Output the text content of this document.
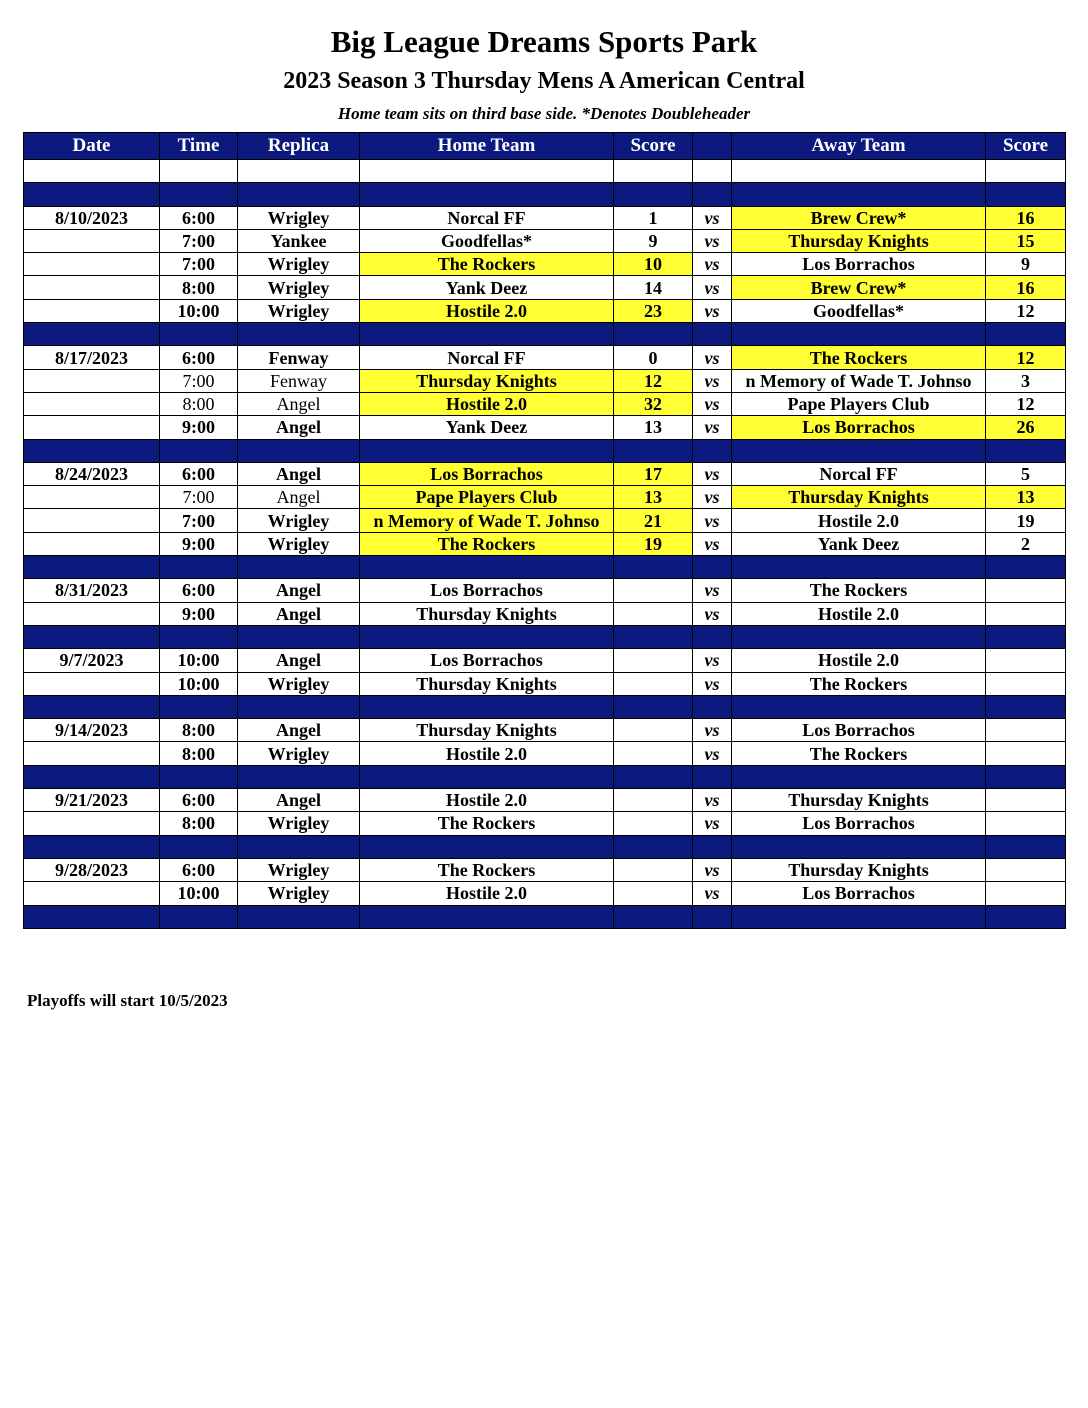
Big League Dreams Sports Park
2023 Season 3 Thursday Mens A American Central
Home team sits on third base side. *Denotes Doubleheader
Date	Time	Replica	Home Team	Score		Away Team	Score

8/10/2023	6:00	Wrigley	Norcal FF	1	vs	Brew Crew*	16
	7:00	Yankee	Goodfellas*	9	vs	Thursday Knights	15
	7:00	Wrigley	The Rockers	10	vs	Los Borrachos	9
	8:00	Wrigley	Yank Deez	14	vs	Brew Crew*	16
	10:00	Wrigley	Hostile 2.0	23	vs	Goodfellas*	12

8/17/2023	6:00	Fenway	Norcal FF	0	vs	The Rockers	12
	7:00	Fenway	Thursday Knights	12	vs	n Memory of Wade T. Johnso	3
	8:00	Angel	Hostile 2.0	32	vs	Pape Players Club	12
	9:00	Angel	Yank Deez	13	vs	Los Borrachos	26

8/24/2023	6:00	Angel	Los Borrachos	17	vs	Norcal FF	5
	7:00	Angel	Pape Players Club	13	vs	Thursday Knights	13
	7:00	Wrigley	n Memory of Wade T. Johnso	21	vs	Hostile 2.0	19
	9:00	Wrigley	The Rockers	19	vs	Yank Deez	2

8/31/2023	6:00	Angel	Los Borrachos		vs	The Rockers	
	9:00	Angel	Thursday Knights		vs	Hostile 2.0	

9/7/2023	10:00	Angel	Los Borrachos		vs	Hostile 2.0	
	10:00	Wrigley	Thursday Knights		vs	The Rockers	

9/14/2023	8:00	Angel	Thursday Knights		vs	Los Borrachos	
	8:00	Wrigley	Hostile 2.0		vs	The Rockers	

9/21/2023	6:00	Angel	Hostile 2.0		vs	Thursday Knights	
	8:00	Wrigley	The Rockers		vs	Los Borrachos	

9/28/2023	6:00	Wrigley	The Rockers		vs	Thursday Knights	
	10:00	Wrigley	Hostile 2.0		vs	Los Borrachos	

Playoffs will start 10/5/2023
